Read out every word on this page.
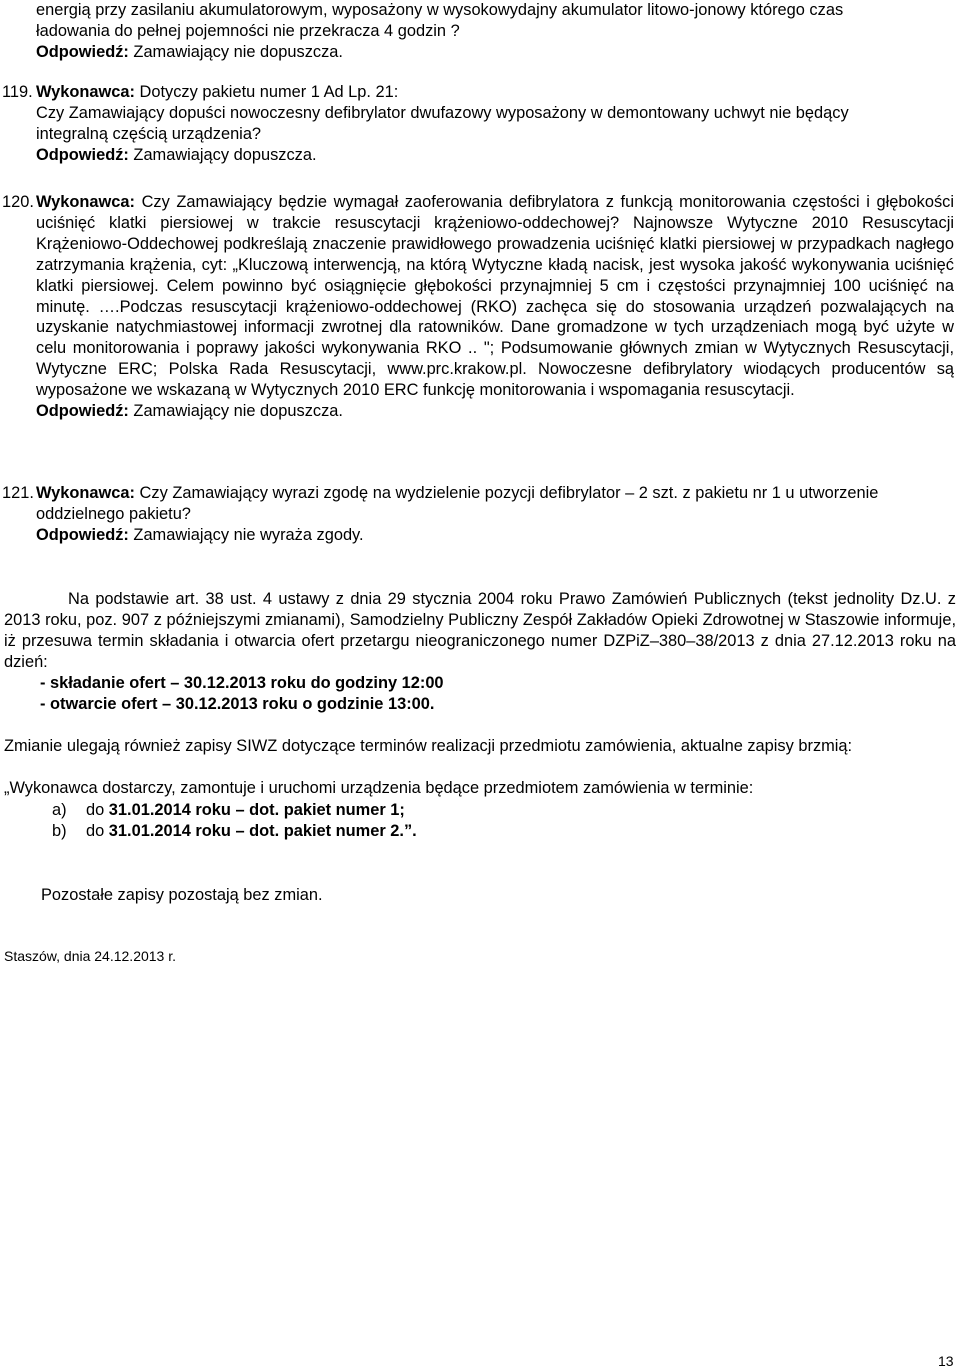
energią przy zasilaniu akumulatorowym, wyposażony w wysokowydajny akumulator litowo-jonowy którego czas
ładowania do pełnej pojemności nie przekracza 4 godzin ?
Odpowiedź: Zamawiający nie dopuszcza.
119. Wykonawca: Dotyczy pakietu numer 1 Ad Lp. 21:
Czy Zamawiający dopuści nowoczesny defibrylator dwufazowy wyposażony w demontowany uchwyt nie będący
integralną częścią urządzenia?
Odpowiedź: Zamawiający dopuszcza.
120. Wykonawca: Czy Zamawiający będzie wymagał zaoferowania defibrylatora z funkcją monitorowania częstości i głębokości uciśnięć klatki piersiowej w trakcie resuscytacji krążeniowo-oddechowej? Najnowsze Wytyczne 2010 Resuscytacji Krążeniowo-Oddechowej podkreślają znaczenie prawidłowego prowadzenia uciśnięć klatki piersiowej w przypadkach nagłego zatrzymania krążenia, cyt: „Kluczową interwencją, na którą Wytyczne kładą nacisk, jest wysoka jakość wykonywania uciśnięć klatki piersiowej. Celem powinno być osiągnięcie głębokości przynajmniej 5 cm i częstości przynajmniej 100 uciśnięć na minutę. ….Podczas resuscytacji krążeniowo-oddechowej (RKO) zachęca się do stosowania urządzeń pozwalających na uzyskanie natychmiastowej informacji zwrotnej dla ratowników. Dane gromadzone w tych urządzeniach mogą być użyte w celu monitorowania i poprawy jakości wykonywania RKO .. "; Podsumowanie głównych zmian w Wytycznych Resuscytacji, Wytyczne ERC; Polska Rada Resuscytacji, www.prc.krakow.pl. Nowoczesne defibrylatory wiodących producentów są wyposażone we wskazaną w Wytycznych 2010 ERC funkcję monitorowania i wspomagania resuscytacji.
Odpowiedź: Zamawiający nie dopuszcza.
121. Wykonawca: Czy Zamawiający wyrazi zgodę na wydzielenie pozycji defibrylator – 2 szt. z pakietu nr 1 u utworzenie oddzielnego pakietu?
Odpowiedź: Zamawiający nie wyraża zgody.
Na podstawie art. 38 ust. 4 ustawy z dnia 29 stycznia 2004 roku Prawo Zamówień Publicznych (tekst jednolity Dz.U. z 2013 roku, poz. 907 z późniejszymi zmianami), Samodzielny Publiczny Zespół Zakładów Opieki Zdrowotnej w Staszowie informuje, iż przesuwa termin składania i otwarcia ofert przetargu nieograniczonego numer DZPiZ–380–38/2013 z dnia 27.12.2013 roku na dzień:
- składanie ofert – 30.12.2013 roku do godziny 12:00
- otwarcie ofert – 30.12.2013 roku o godzinie 13:00.
Zmianie ulegają również zapisy SIWZ dotyczące terminów realizacji przedmiotu zamówienia, aktualne zapisy brzmią:
„Wykonawca dostarczy, zamontuje i uruchomi urządzenia będące przedmiotem zamówienia w terminie:
a) do 31.01.2014 roku – dot. pakiet numer 1;
b) do 31.01.2014 roku – dot. pakiet numer 2.”.
Pozostałe zapisy pozostają bez zmian.
Staszów, dnia 24.12.2013 r.
13
